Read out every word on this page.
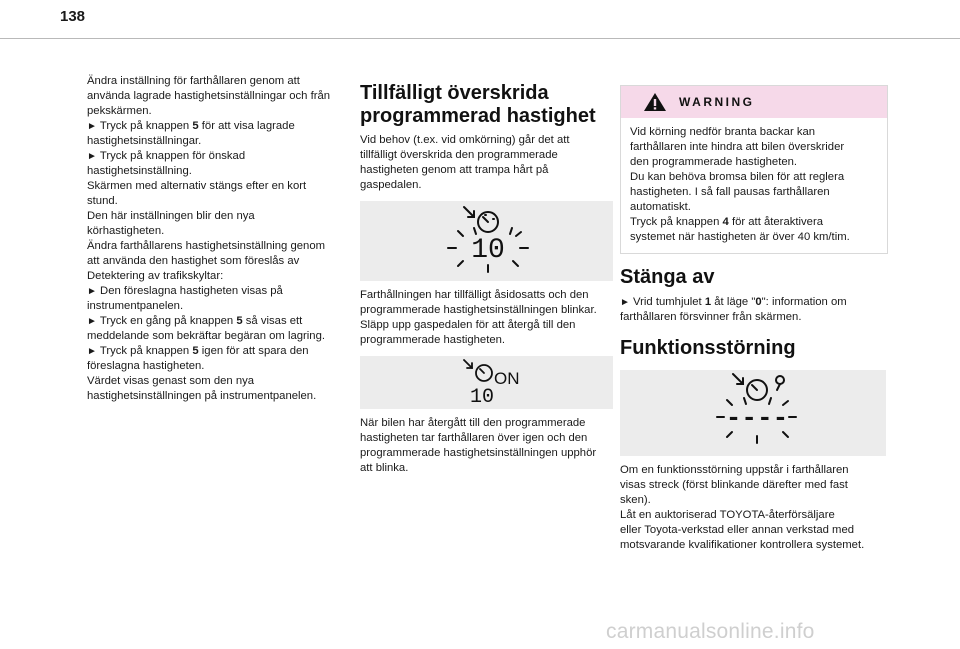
138
Ändra inställning för farthållaren genom att
använda lagrade hastighetsinställningar och från
pekskärmen.
► Tryck på knappen 5 för att visa lagrade
hastighetsinställningar.
► Tryck på knappen för önskad
hastighetsinställning.
Skärmen med alternativ stängs efter en kort
stund.
Den här inställningen blir den nya
körhastigheten.
Ändra farthållarens hastighetsinställning genom
att använda den hastighet som föreslås av
Detektering av trafikskyltar:
► Den föreslagna hastigheten visas på
instrumentpanelen.
► Tryck en gång på knappen 5 så visas ett
meddelande som bekräftar begäran om lagring.
► Tryck på knappen 5 igen för att spara den
föreslagna hastigheten.
Värdet visas genast som den nya
hastighetsinställningen på instrumentpanelen.
Tillfälligt överskrida
programmerad hastighet

Vid behov (t.ex. vid omkörning) går det att
tillfälligt överskrida den programmerade
hastigheten genom att trampa hårt på
gaspedalen.

10

Farthållningen har tillfälligt åsidosatts och den
programmerade hastighetsinställningen blinkar.
Släpp upp gaspedalen för att återgå till den
programmerade hastigheten.

ON
10

När bilen har återgått till den programmerade
hastigheten tar farthållaren över igen och den
programmerade hastighetsinställningen upphör
att blinka.

WARNING
Vid körning nedför branta backar kan
farthållaren inte hindra att bilen överskrider
den programmerade hastigheten.
Du kan behöva bromsa bilen för att reglera
hastigheten. I så fall pausas farthållaren
automatiskt.
Tryck på knappen 4 för att återaktivera
systemet när hastigheten är över 40 km/tim.
Stänga av

► Vrid tumhjulet 1 åt läge "0": information om
farthållaren försvinner från skärmen.

Funktionsstörning
----

Om en funktionsstörning uppstår i farthållaren
visas streck (först blinkande därefter med fast
sken).
Låt en auktoriserad TOYOTA-återförsäljare
eller Toyota-verkstad eller annan verkstad med
motsvarande kvalifikationer kontrollera systemet.

carmanualsonline.info
